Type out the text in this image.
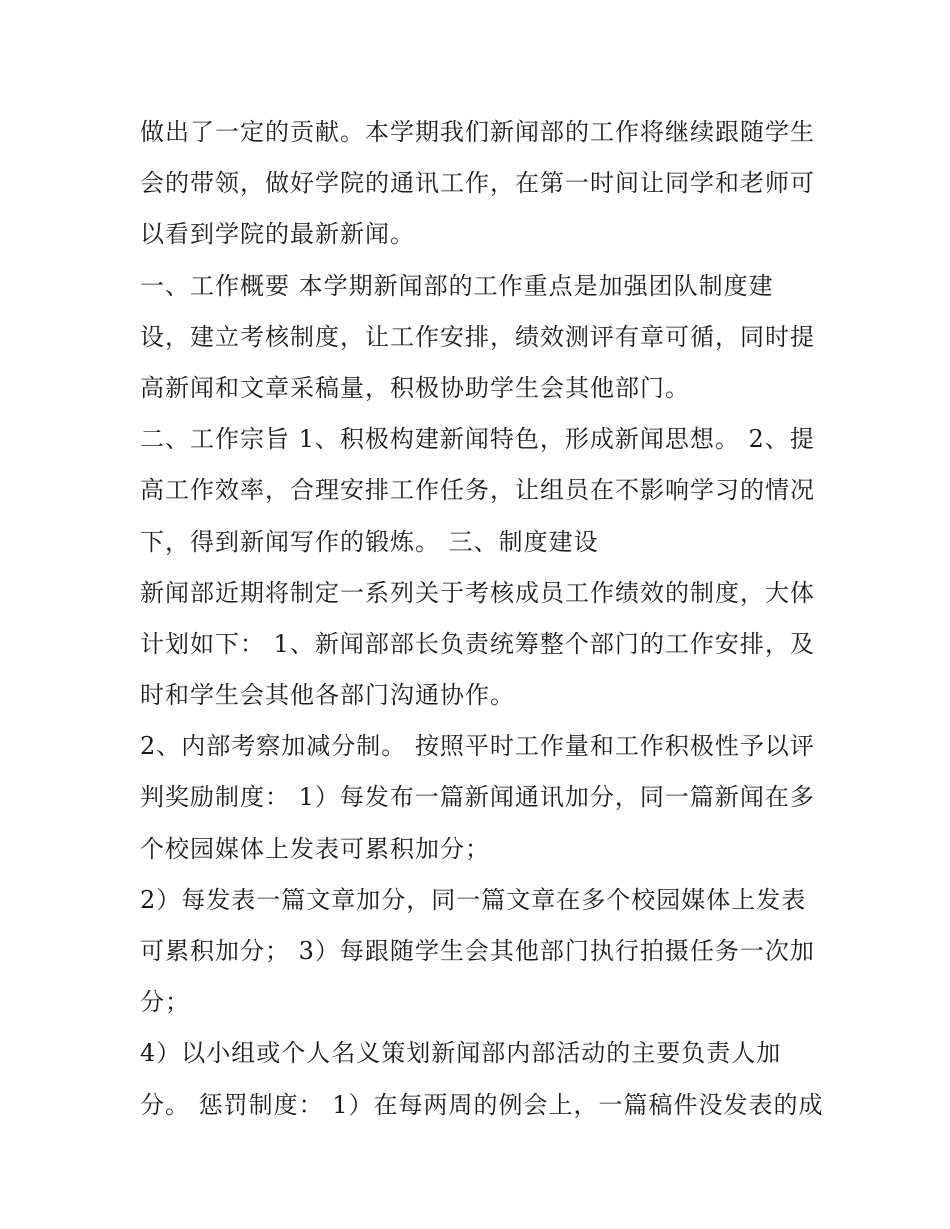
做出了一定的贡献。本学期我们新闻部的工作将继续跟随学生
会的带领，做好学院的通讯工作，在第一时间让同学和老师可
以看到学院的最新新闻。
一、工作概要 本学期新闻部的工作重点是加强团队制度建
设，建立考核制度，让工作安排，绩效测评有章可循，同时提
高新闻和文章采稿量，积极协助学生会其他部门。
二、工作宗旨 1、积极构建新闻特色，形成新闻思想。 2、提
高工作效率，合理安排工作任务，让组员在不影响学习的情况
下，得到新闻写作的锻炼。 三、制度建设
新闻部近期将制定一系列关于考核成员工作绩效的制度，大体
计划如下： 1、新闻部部长负责统筹整个部门的工作安排，及
时和学生会其他各部门沟通协作。
2、内部考察加减分制。 按照平时工作量和工作积极性予以评
判奖励制度： 1）每发布一篇新闻通讯加分，同一篇新闻在多
个校园媒体上发表可累积加分；
2）每发表一篇文章加分，同一篇文章在多个校园媒体上发表
可累积加分； 3）每跟随学生会其他部门执行拍摄任务一次加
分；
4）以小组或个人名义策划新闻部内部活动的主要负责人加
分。 惩罚制度： 1）在每两周的例会上，一篇稿件没发表的成
